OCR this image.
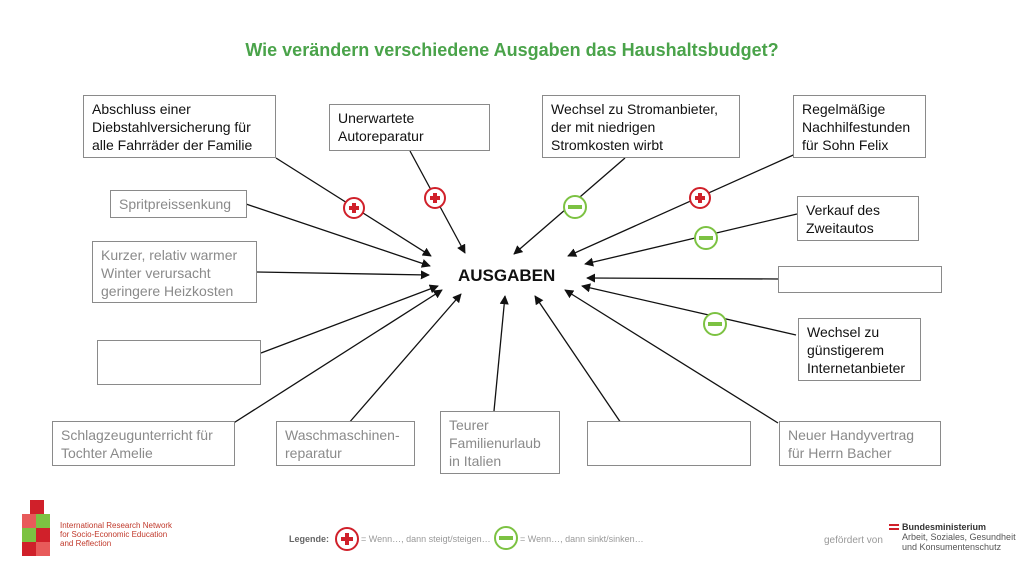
Wie verändern verschiedene Ausgaben das Haushaltsbudget?
AUSGABEN
Abschluss einer Diebstahlversicherung für alle Fahrräder der Familie
Unerwartete Autoreparatur
Wechsel zu Stromanbieter, der mit niedrigen Stromkosten wirbt
Regelmäßige Nachhilfestunden für Sohn Felix
Spritpreissenkung	Verkauf des Zweitautos
Kurzer, relativ warmer Winter verursacht geringere Heizkosten
Wechsel zu günstigerem Internetanbieter
Schlagzeugunterricht für Tochter Amelie
Waschmaschinen-reparatur
Teurer Familienurlaub in Italien
Neuer Handyvertrag für Herrn Bacher
Legende:	= Wenn…, dann steigt/steigen…	= Wenn…, dann sinkt/sinken…
International Research Network
for Socio-Economic Education
and Reflection	gefördert von
Bundesministerium
Arbeit, Soziales, Gesundheit
und Konsumentenschutz
